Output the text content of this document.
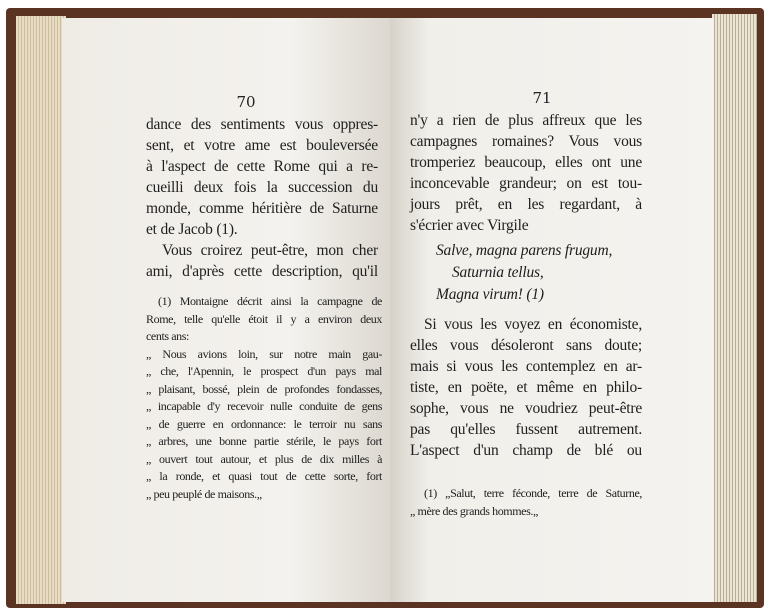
70
dance des sentiments vous oppres-
sent, et votre ame est bouleversée
à l'aspect de cette Rome qui a re-
cueilli deux fois la succession du
monde, comme héritière de Saturne
et de Jacob (1).
Vous croirez peut-être, mon cher
ami, d'après cette description, qu'il
(1) Montaigne décrit ainsi la campagne de
Rome, telle qu'elle étoit il y a environ deux
cents ans:
„ Nous avions loin, sur notre main gau-
„ che, l'Apennin, le prospect d'un pays mal
„ plaisant, bossé, plein de profondes fondasses,
„ incapable d'y recevoir nulle conduite de gens
„ de guerre en ordonnance: le terroir nu sans
„ arbres, une bonne partie stérile, le pays fort
„ ouvert tout autour, et plus de dix milles à
„ la ronde, et quasi tout de cette sorte, fort
„ peu peuplé de maisons.„
71
n'y a rien de plus affreux que les
campagnes romaines? Vous vous
tromperiez beaucoup, elles ont une
inconcevable grandeur; on est tou-
jours prêt, en les regardant, à
s'écrier avec Virgile
Salve, magna parens frugum,
Saturnia tellus,
Magna virum! (1)
Si vous les voyez en économiste,
elles vous désoleront sans doute;
mais si vous les contemplez en ar-
tiste, en poëte, et même en philo-
sophe, vous ne voudriez peut-être
pas qu'elles fussent autrement.
L'aspect d'un champ de blé ou
(1) „Salut, terre féconde, terre de Saturne,
„ mère des grands hommes.„
